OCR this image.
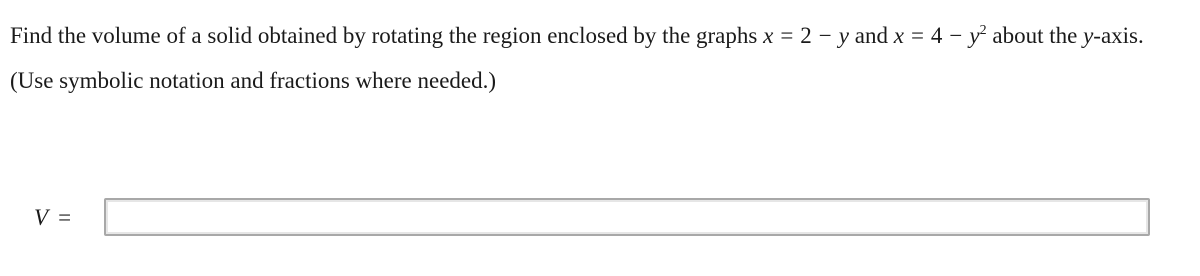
Find the volume of a solid obtained by rotating the region enclosed by the graphs x = 2 − y and $x = 4 - y^2$ about the y-axis.
(Use symbolic notation and fractions where needed.)
V =
